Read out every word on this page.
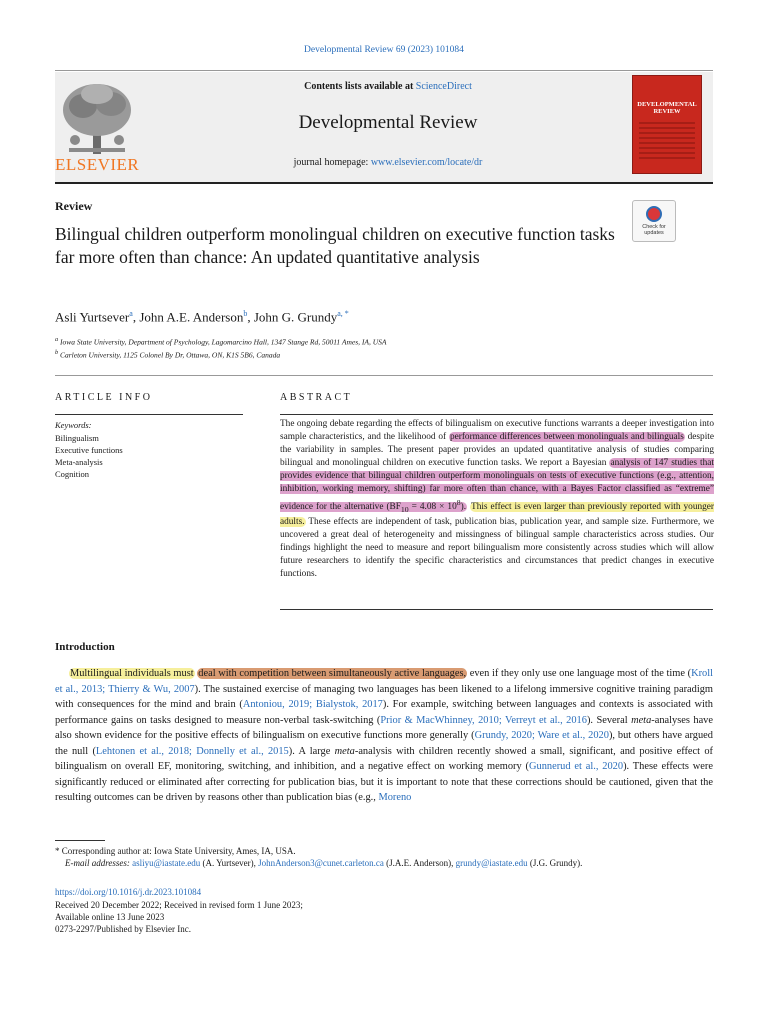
Developmental Review 69 (2023) 101084
ELSEVIER
Contents lists available at ScienceDirect
Developmental Review
journal homepage: www.elsevier.com/locate/dr
DEVELOPMENTAL REVIEW
Review
Bilingual children outperform monolingual children on executive function tasks far more often than chance: An updated quantitative analysis
Check for updates
Asli Yurtsever$^a$, John A.E. Anderson$^b$, John G. Grundy$^{a, *}$
$^a$ Iowa State University, Department of Psychology, Lagomarcino Hall, 1347 Stange Rd, 50011 Ames, IA, USA
$^b$ Carleton University, 1125 Colonel By Dr, Ottawa, ON, K1S 5B6, Canada
ARTICLE INFO
Keywords:
Bilingualism
Executive functions
Meta-analysis
Cognition
ABSTRACT
The ongoing debate regarding the effects of bilingualism on executive functions warrants a deeper investigation into sample characteristics, and the likelihood of performance differences between monolinguals and bilinguals despite the variability in samples. The present paper provides an updated quantitative analysis of studies comparing bilingual and monolingual children on executive function tasks. We report a Bayesian analysis of 147 studies that provides evidence that bilingual children outperform monolinguals on tests of executive functions (e.g., attention, inhibition, working memory, shifting) far more often than chance, with a Bayes Factor classified as “extreme” evidence for the alternative $(BF_{10} = 4.08 \times 10^8)$. This effect is even larger than previously reported with younger adults. These effects are independent of task, publication bias, publication year, and sample size. Furthermore, we uncovered a great deal of heterogeneity and missingness of bilingual sample characteristics across studies. Our findings highlight the need to measure and report bilingualism more consistently across studies which will allow future researchers to identify the specific characteristics and circumstances that predict changes in executive functions.
Introduction
Multilingual individuals must deal with competition between simultaneously active languages, even if they only use one language most of the time (Kroll et al., 2013; Thierry & Wu, 2007). The sustained exercise of managing two languages has been likened to a lifelong immersive cognitive training paradigm with consequences for the mind and brain (Antoniou, 2019; Bialystok, 2017). For example, switching between languages and contexts is associated with performance gains on tasks designed to measure non-verbal task-switching (Prior & MacWhinney, 2010; Verreyt et al., 2016). Several meta-analyses have also shown evidence for the positive effects of bilingualism on executive functions more generally (Grundy, 2020; Ware et al., 2020), but others have argued the null (Lehtonen et al., 2018; Donnelly et al., 2015). A large meta-analysis with children recently showed a small, significant, and positive effect of bilingualism on overall EF, monitoring, switching, and inhibition, and a negative effect on working memory (Gunnerud et al., 2020). These effects were significantly reduced or eliminated after correcting for publication bias, but it is important to note that these corrections should be cautioned, given that the resulting outcomes can be driven by reasons other than publication bias (e.g., Moreno
* Corresponding author at: Iowa State University, Ames, IA, USA.
E-mail addresses: asliyu@iastate.edu (A. Yurtsever), JohnAnderson3@cunet.carleton.ca (J.A.E. Anderson), grundy@iastate.edu (J.G. Grundy).
https://doi.org/10.1016/j.dr.2023.101084
Received 20 December 2022; Received in revised form 1 June 2023;
Available online 13 June 2023
0273-2297/Published by Elsevier Inc.
